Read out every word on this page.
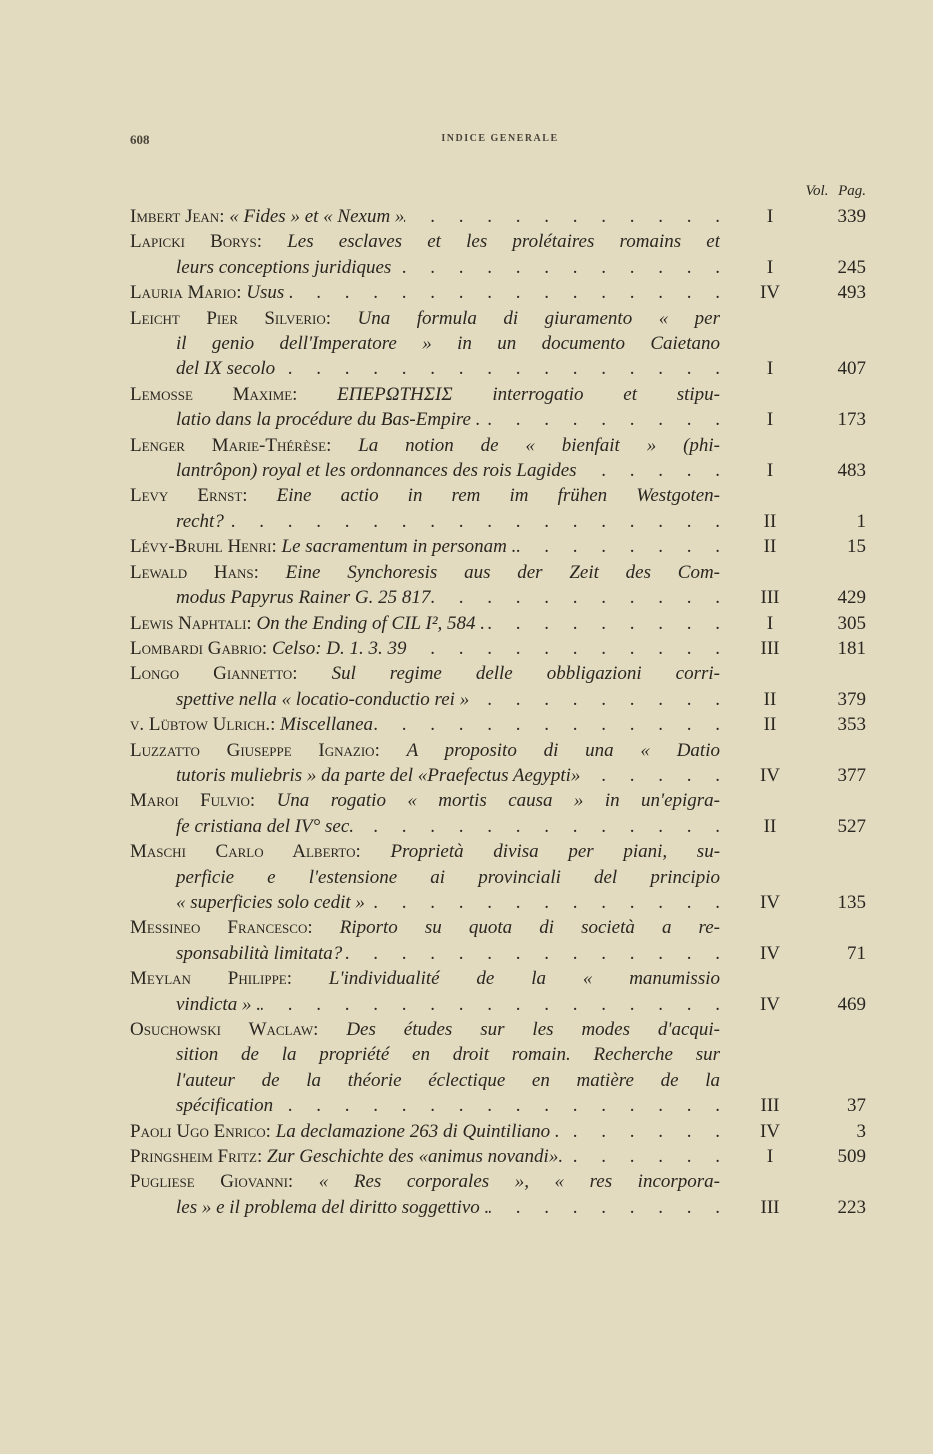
608	INDICE GENERALE
Vol. Pag.
Imbert Jean: « Fides » et « Nexum » . . .	I	339
Lapicki Borys: Les esclaves et les prolétaires romains et
leurs conceptions juridiques . . .	I	245
Lauria Mario: Usus . . . .	IV	493
Leicht Pier Silverio: Una formula di giuramento « per
il genio dell'Imperatore » in un documento Caietano
del IX secolo . . .	I	407
Lemosse Maxime: ΕΠΕΡΩΤΗΣΙΣ interrogatio et stipu-
latio dans la procédure du Bas-Empire . . . .	I	173
Lenger Marie-Thérèse: La notion de « bienfait » (phi-
lantrôpon) royal et les ordonnances des rois Lagides . . .	I	483
Levy Ernst: Eine actio in rem im frühen Westgoten-
recht? . . .	II	1
Lévy-Bruhl Henri: Le sacramentum in personam . . . .	II	15
Lewald Hans: Eine Synchoresis aus der Zeit des Com-
modus Papyrus Rainer G. 25 817 . . .	III	429
Lewis Naphtali: On the Ending of CIL I², 584 . . . .	I	305
Lombardi Gabrio: Celso: D. 1. 3. 39 . . .	III	181
Longo Giannetto: Sul regime delle obbligazioni corri-
spettive nella « locatio-conductio rei » . . .	II	379
v. Lübtow Ulrich.: Miscellanea . . .	II	353
Luzzatto Giuseppe Ignazio: A proposito di una « Datio
tutoris muliebris » da parte del «Praefectus Aegypti» . . .	IV	377
Maroi Fulvio: Una rogatio « mortis causa » in un'epigra-
fe cristiana del IV° sec. . . .	II	527
Maschi Carlo Alberto: Proprietà divisa per piani, su-
perficie e l'estensione ai provinciali del principio
« superficies solo cedit » . . .	IV	135
Messineo Francesco: Riporto su quota di società a re-
sponsabilità limitata? . . .	IV	71
Meylan Philippe: L'individualité de la « manumissio
vindicta » . . . .	IV	469
Osuchowski Waclaw: Des études sur les modes d'acqui-
sition de la propriété en droit romain. Recherche sur
l'auteur de la théorie éclectique en matière de la
spécification . . .	III	37
Paoli Ugo Enrico: La declamazione 263 di Quintiliano . . . .	IV	3
Pringsheim Fritz: Zur Geschichte des «animus novandi». . . .	I	509
Pugliese Giovanni: « Res corporales », « res incorpora-
les » e il problema del diritto soggettivo . . . .	III	223
